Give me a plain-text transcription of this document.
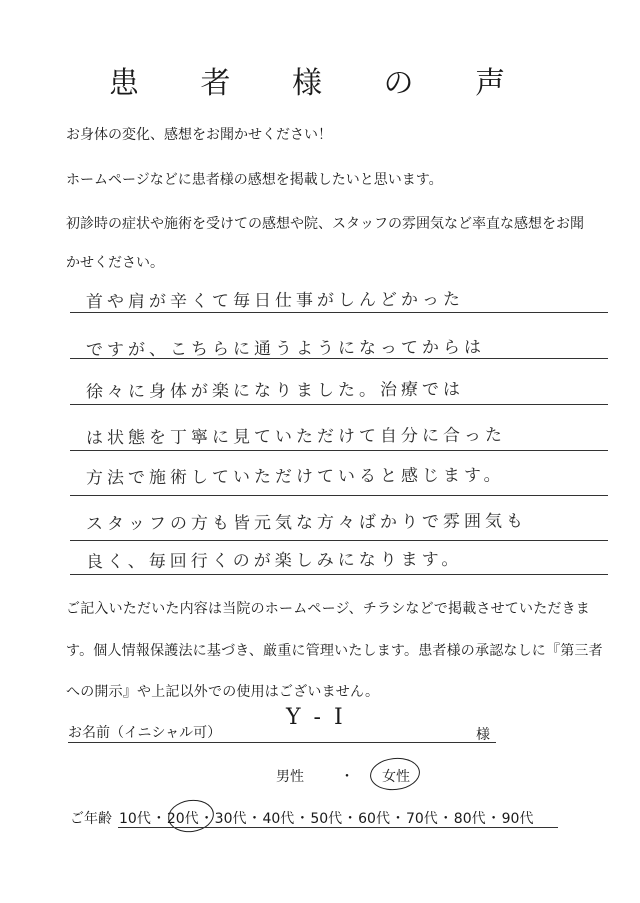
患 者 様 の 声
お身体の変化、感想をお聞かせください！
ホームページなどに患者様の感想を掲載したいと思います。
初診時の症状や施術を受けての感想や院、スタッフの雰囲気など率直な感想をお聞
かせください。
首や肩が辛くて毎日仕事がしんどかった
ですが、こちらに通うようになってからは
徐々に身体が楽になりました。治療では
は状態を丁寧に見ていただけて自分に合った
方法で施術していただけていると感じます。
スタッフの方も皆元気な方々ばかりで雰囲気も
良く、毎回行くのが楽しみになります。
ご記入いただいた内容は当院のホームページ、チラシなどで掲載させていただきま
す。個人情報保護法に基づき、厳重に管理いたします。患者様の承認なしに『第三者
への開示』や上記以外での使用はございません。
お名前（イニシャル可）
Y - I
様
男性	・ 女性
ご年齢 10代・20代・30代・40代・50代・60代・70代・80代・90代
